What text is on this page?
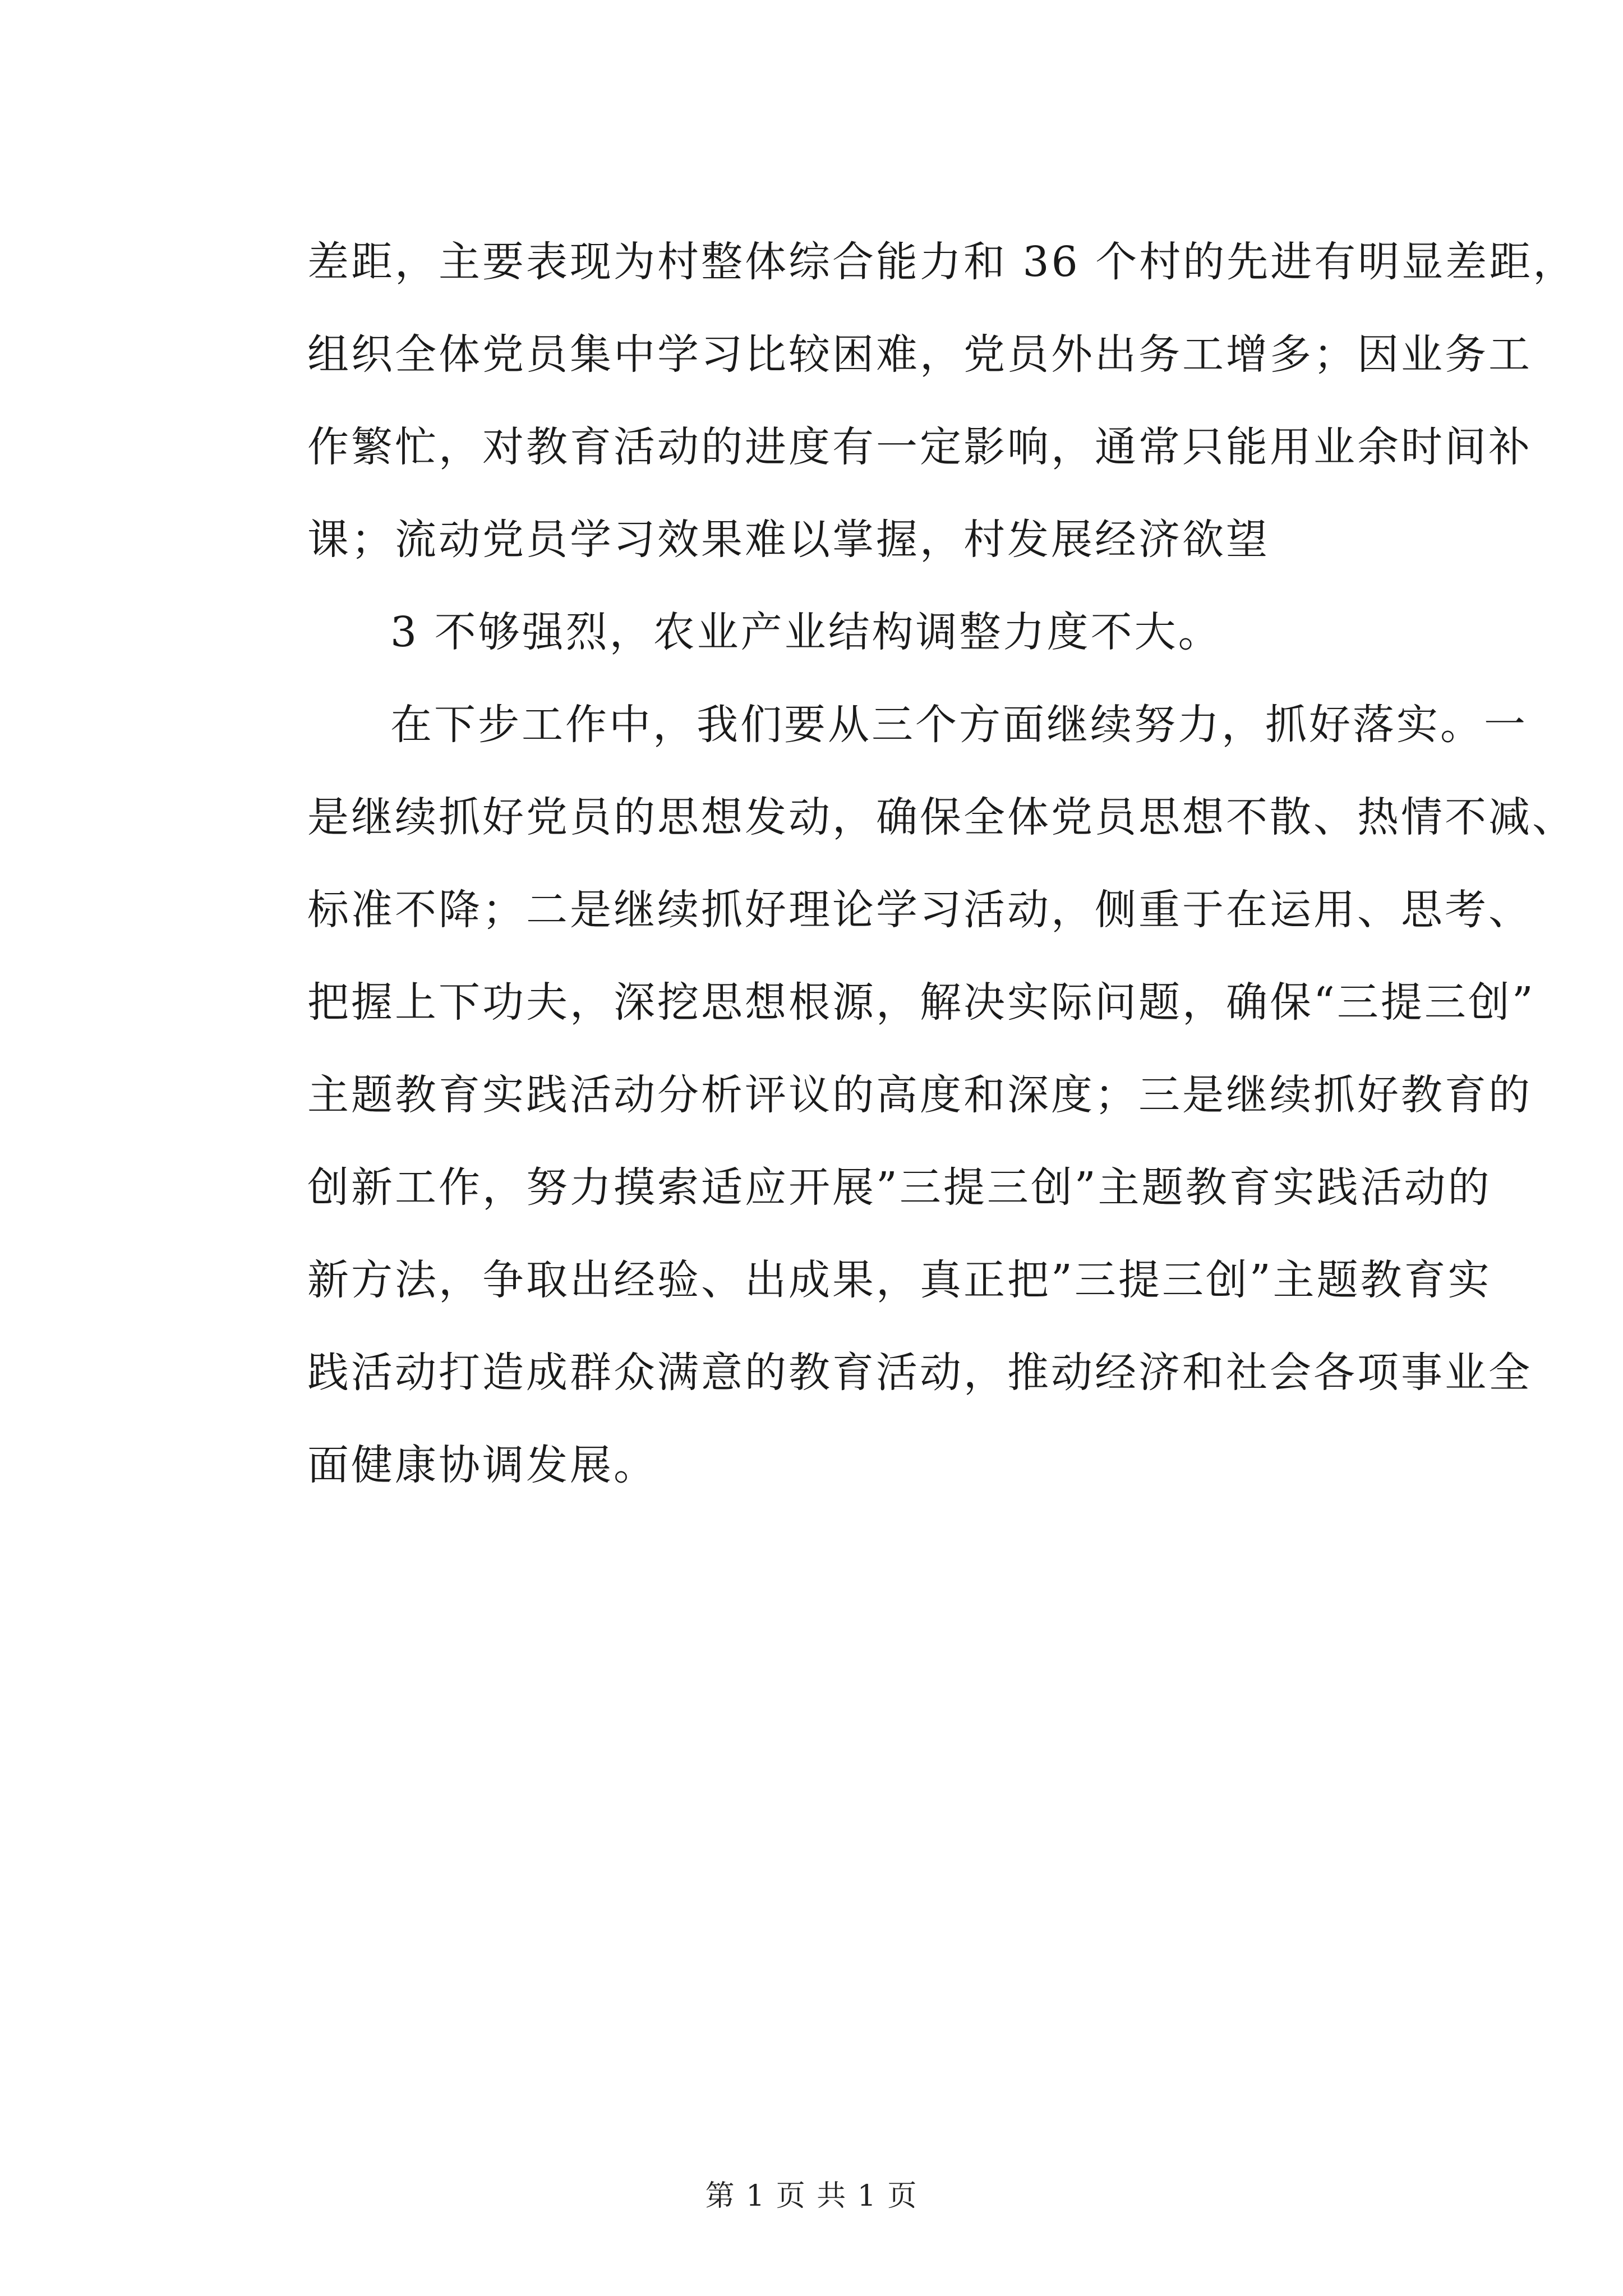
差距，主要表现为村整体综合能力和 36 个村的先进有明显差距，
组织全体党员集中学习比较困难，党员外出务工增多；因业务工
作繁忙，对教育活动的进度有一定影响，通常只能用业余时间补
课；流动党员学习效果难以掌握，村发展经济欲望
3 不够强烈，农业产业结构调整力度不大。
在下步工作中，我们要从三个方面继续努力，抓好落实。一
是继续抓好党员的思想发动，确保全体党员思想不散、热情不减、
标准不降；二是继续抓好理论学习活动，侧重于在运用、思考、
把握上下功夫，深挖思想根源，解决实际问题，确保“三提三创”
主题教育实践活动分析评议的高度和深度；三是继续抓好教育的
创新工作，努力摸索适应开展”三提三创”主题教育实践活动的
新方法，争取出经验、出成果，真正把”三提三创”主题教育实
践活动打造成群众满意的教育活动，推动经济和社会各项事业全
面健康协调发展。
第 1 页 共 1 页
